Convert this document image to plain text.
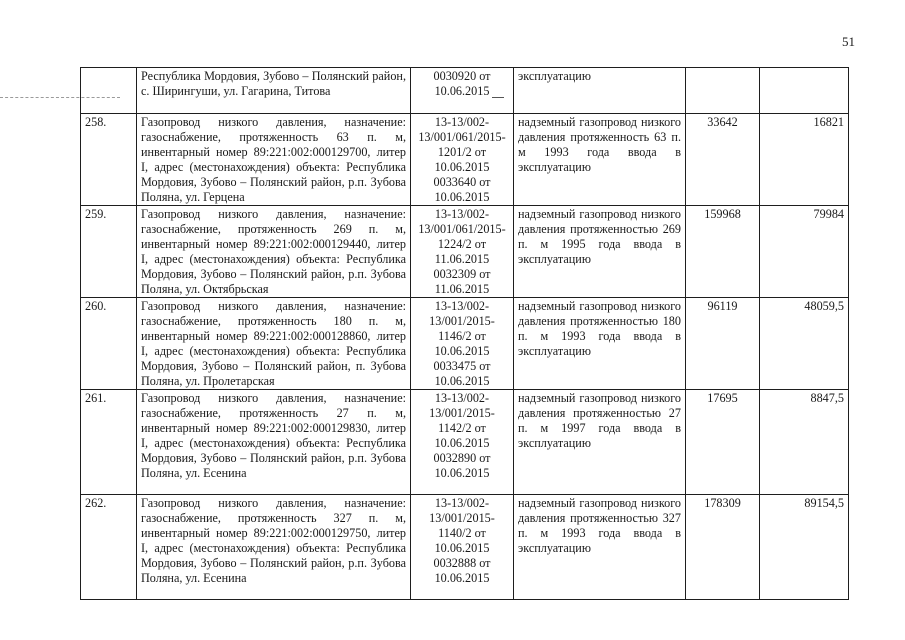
51
	Республика Мордовия, Зубово – Полянский район, с. Ширингуши, ул. Гагарина, Титова	0030920 от 10.06.2015	эксплуатацию		
258.	Газопровод низкого давления, назначение: газоснабжение, протяженность 63 п. м, инвентарный номер 89:221:002:000129700, литер I, адрес (местонахождения) объекта: Республика Мордовия, Зубово – Полянский район, р.п. Зубова Поляна, ул. Герцена	13-13/002-13/001/061/2015-1201/2 от 10.06.2015 0033640 от 10.06.2015	надземный газопровод низкого давления протяженность 63 п. м 1993 года ввода в эксплуатацию	33642	16821
259.	Газопровод низкого давления, назначение: газоснабжение, протяженность 269 п. м, инвентарный номер 89:221:002:000129440, литер I, адрес (местонахождения) объекта: Республика Мордовия, Зубово – Полянский район, р.п. Зубова Поляна, ул. Октябрьская	13-13/002-13/001/061/2015-1224/2 от 11.06.2015 0032309 от 11.06.2015	надземный газопровод низкого давления протяженностью 269 п. м 1995 года ввода в эксплуатацию	159968	79984
260.	Газопровод низкого давления, назначение: газоснабжение, протяженность 180 п. м, инвентарный номер 89:221:002:000128860, литер I, адрес (местонахождения) объекта: Республика Мордовия, Зубово – Полянский район, п. Зубова Поляна, ул. Пролетарская	13-13/002-13/001/2015-1146/2 от 10.06.2015 0033475 от 10.06.2015	надземный газопровод низкого давления протяженностью 180 п. м 1993 года ввода в эксплуатацию	96119	48059,5
261.	Газопровод низкого давления, назначение: газоснабжение, протяженность 27 п. м, инвентарный номер 89:221:002:000129830, литер I, адрес (местонахождения) объекта: Республика Мордовия, Зубово – Полянский район, р.п. Зубова Поляна, ул. Есенина	13-13/002-13/001/2015-1142/2 от 10.06.2015 0032890 от 10.06.2015	надземный газопровод низкого давления протяженностью 27 п. м 1997 года ввода в эксплуатацию	17695	8847,5
262.	Газопровод низкого давления, назначение: газоснабжение, протяженность 327 п. м, инвентарный номер 89:221:002:000129750, литер I, адрес (местонахождения) объекта: Республика Мордовия, Зубово – Полянский район, р.п. Зубова Поляна, ул. Есенина	13-13/002-13/001/2015-1140/2 от 10.06.2015 0032888 от 10.06.2015	надземный газопровод низкого давления протяженностью 327 п. м 1993 года ввода в эксплуатацию	178309	89154,5
